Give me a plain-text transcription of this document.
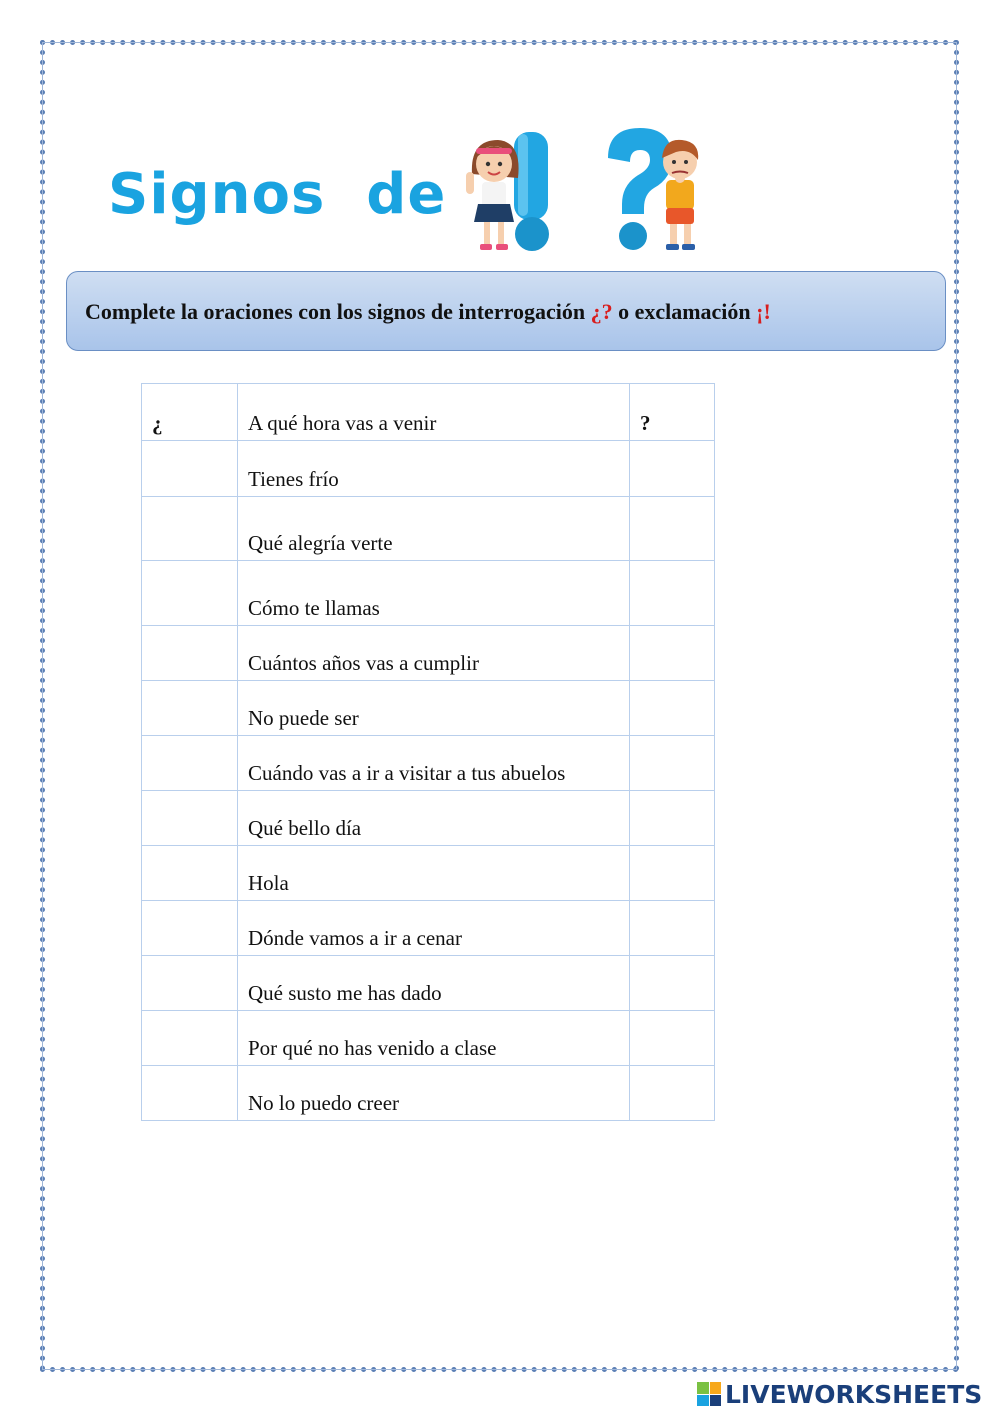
Signos  de
Complete la oraciones con los signos de interrogación
¿?
o exclamación
¡!
¿	A qué hora vas a venir	?
	Tienes frío	
	Qué alegría verte	
	Cómo te llamas	
	Cuántos años vas a cumplir	
	No puede ser	
	Cuándo vas a ir a visitar a tus abuelos	
	Qué bello día	
	Hola	
	Dónde vamos a ir a cenar	
	Qué susto me has dado	
	Por qué no has venido a clase	
	No lo puedo creer	
LIVEWORKSHEETS
